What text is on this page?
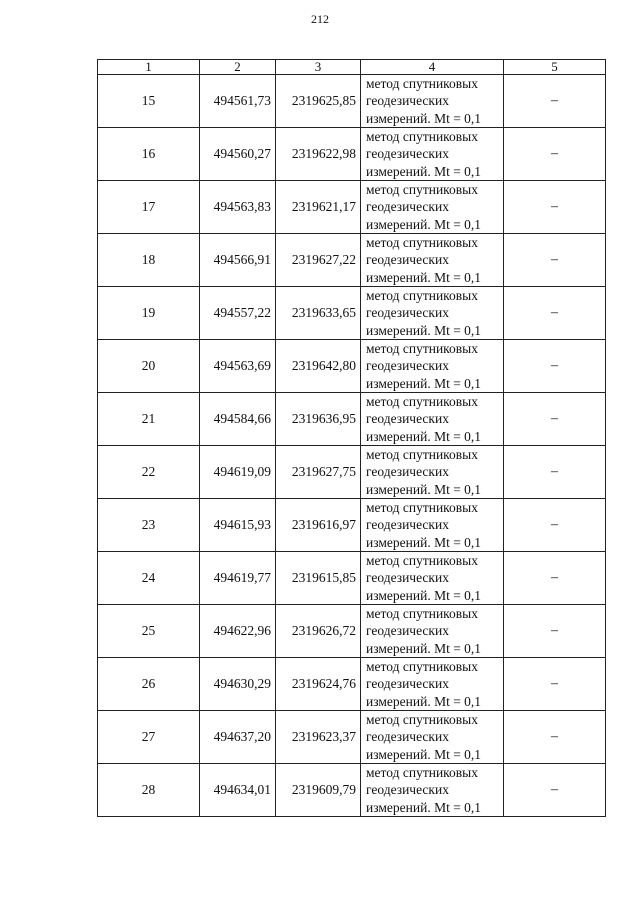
212
1	2	3	4	5
15	494561,73	2319625,85	метод спутниковых
геодезических
измерений. Mt = 0,1	–
16	494560,27	2319622,98	метод спутниковых
геодезических
измерений. Mt = 0,1	–
17	494563,83	2319621,17	метод спутниковых
геодезических
измерений. Mt = 0,1	–
18	494566,91	2319627,22	метод спутниковых
геодезических
измерений. Mt = 0,1	–
19	494557,22	2319633,65	метод спутниковых
геодезических
измерений. Mt = 0,1	–
20	494563,69	2319642,80	метод спутниковых
геодезических
измерений. Mt = 0,1	–
21	494584,66	2319636,95	метод спутниковых
геодезических
измерений. Mt = 0,1	–
22	494619,09	2319627,75	метод спутниковых
геодезических
измерений. Mt = 0,1	–
23	494615,93	2319616,97	метод спутниковых
геодезических
измерений. Mt = 0,1	–
24	494619,77	2319615,85	метод спутниковых
геодезических
измерений. Mt = 0,1	–
25	494622,96	2319626,72	метод спутниковых
геодезических
измерений. Mt = 0,1	–
26	494630,29	2319624,76	метод спутниковых
геодезических
измерений. Mt = 0,1	–
27	494637,20	2319623,37	метод спутниковых
геодезических
измерений. Mt = 0,1	–
28	494634,01	2319609,79	метод спутниковых
геодезических
измерений. Mt = 0,1	–
